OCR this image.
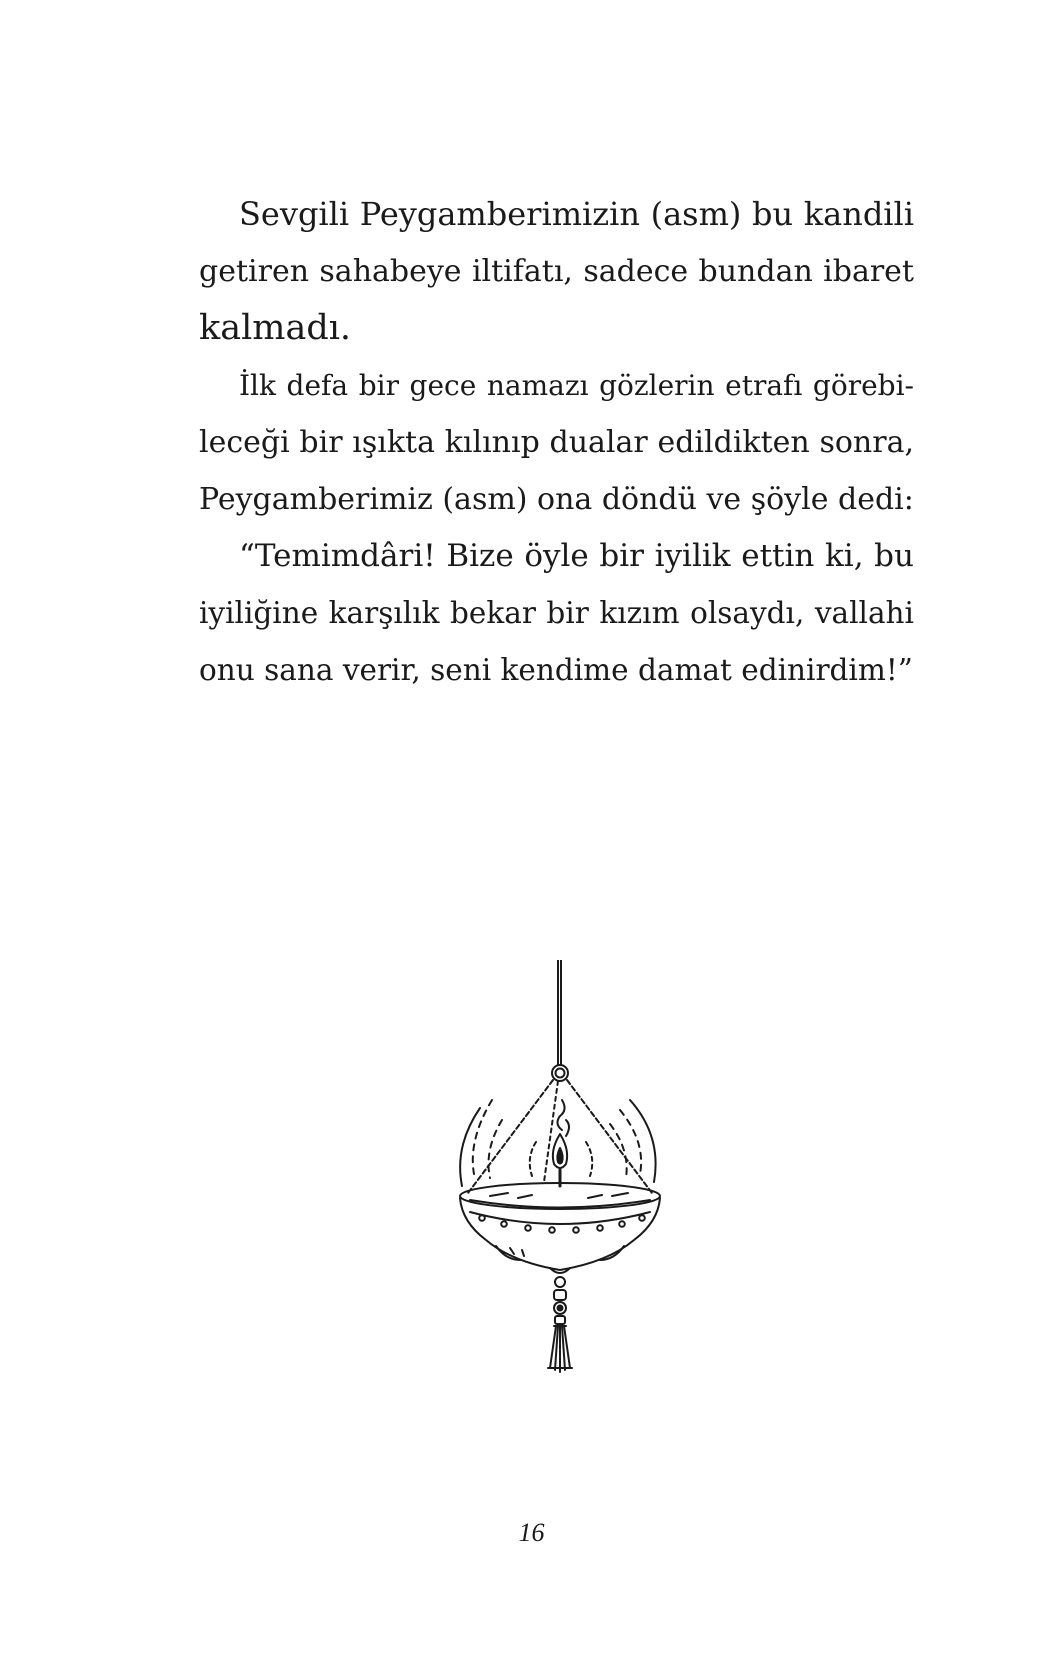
Sevgili Peygamberimizin (asm) bu kandili
getiren sahabeye iltifatı, sadece bundan ibaret
kalmadı.
İlk defa bir gece namazı gözlerin etrafı görebi-
leceği bir ışıkta kılınıp dualar edildikten sonra,
Peygamberimiz (asm) ona döndü ve şöyle dedi:
“Temimdâri! Bize öyle bir iyilik ettin ki, bu
iyiliğine karşılık bekar bir kızım olsaydı, vallahi
onu sana verir, seni kendime damat edinirdim!”
16
